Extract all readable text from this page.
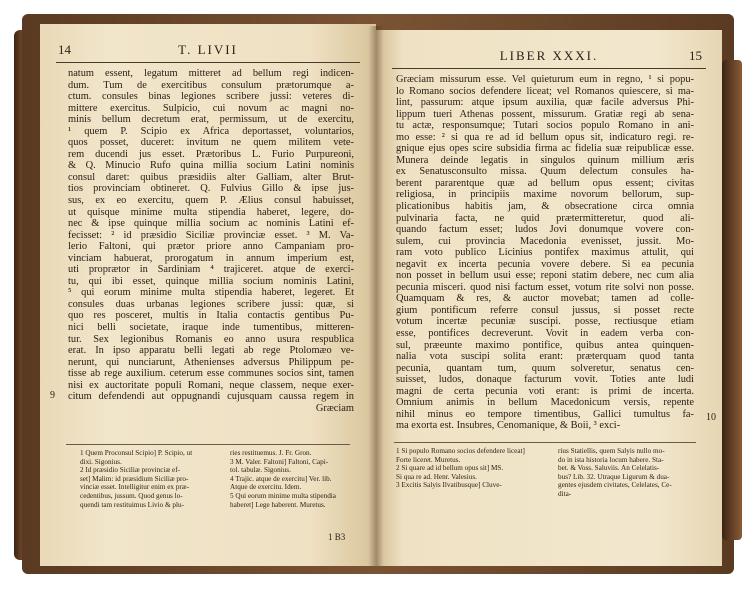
14	T. LIVII
natum essent, legatum mitteret ad bellum regi indicen-
dum. Tum de exercitibus consulum prætorumque a-
ctum. consules binas legiones scribere jussi: veteres di-
mittere exercitus. Sulpicio, cui novum ac magni no-
minis bellum decretum erat, permissum, ut de exercitu,
¹ quem P. Scipio ex Africa deportasset, voluntarios,
quos posset, duceret: invitum ne quem militem vete-
rem ducendi jus esset. Prætoribus L. Furio Purpureoni,
& Q. Minucio Rufo quina millia socium Latini nominis
consul daret: quibus præsidiis alter Galliam, alter Brut-
tios provinciam obtineret. Q. Fulvius Gillo & ipse jus-
sus, ex eo exercitu, quem P. Ælius consul habuisset,
ut quisque minime multa stipendia haberet, legere, do-
nec & ipse quinque millia socium ac nominis Latini ef-
fecisset: ² id præsidio Siciliæ provinciæ esset. ³ M. Va-
lerio Faltoni, qui prætor priore anno Campaniam pro-
vinciam habuerat, prorogatum in annum imperium est,
uti proprætor in Sardiniam ⁴ trajiceret. atque de exerci-
tu, qui ibi esset, quinque millia socium nominis Latini,
⁵ qui eorum minime multa stipendia haberet, legeret. Et
consules duas urbanas legiones scribere jussi: quæ, si
quo res posceret, multis in Italia contactis gentibus Pu-
nici belli societate, iraque inde tumentibus, mitteren-
tur. Sex legionibus Romanis eo anno usura respublica
erat. In ipso apparatu belli legati ab rege Ptolomæo ve-
nerunt, qui nunciarunt, Athenienses adversus Philippum pe-
tisse ab rege auxilium. ceterum esse communes socios sint, tamen
nisi ex auctoritate populi Romani, neque classem, neque exer-
citum defendendi aut oppugnandi cujusquam caussa regem in
Græciam
9
1 Quem Proconsul Scipio] P. Scipio, ut
dixi. Sigonius.
2 Id præsidio Siciliæ provinciæ ef-
set] Malim: id præsidium Siciliæ pro-
vinciæ esset. Intelligitur enim ex præ-
cedentibus, jussum. Quod genus lo-
quendi tam restituimus Livio & plu-
ries restituemus. J. Fr. Gron.
3 M. Valer. Faltoni] Faltoni, Capi-
tol. tabulæ. Sigonius.
4 Trajic. atque de exercitu] Ver. lib.
Atque de exercitu. Idem.
5 Qui eorum minime multa stipendia
haberet] Lege haberent. Muretus.
1 B3
LIBER XXXI.	15
Græciam missurum esse. Vel quieturum eum in regno, ¹ si popu-
lo Romano socios defendere liceat; vel Romanos quiescere, si ma-
lint, passurum: atque ipsum auxilia, quæ facile adversus Phi-
lippum tueri Athenas possent, missurum. Gratiæ regi ab sena-
tu actæ, responsumque; Tutari socios populo Romano in ani-
mo esse: ² si qua re ad id bellum opus sit, indicaturo regi. re-
gnique ejus opes scire subsidia firma ac fidelia suæ reipublicæ esse.
Munera deinde legatis in singulos quinum millium æris
ex Senatusconsulto missa. Quum delectum consules ha-
berent pararentque quæ ad bellum opus essent; civitas
religiosa, in principiis maxime novorum bellorum, sup-
plicationibus habitis jam, & obsecratione circa omnia
pulvinaria facta, ne quid prætermitteretur, quod ali-
quando factum esset; ludos Jovi donumque vovere con-
sulem, cui provincia Macedonia evenisset, jussit. Mo-
ram voto publico Licinius pontifex maximus attulit, qui
negavit ex incerta pecunia vovere debere. Si ea pecunia
non posset in bellum usui esse; reponi statim debere, nec cum alia
pecunia misceri. quod nisi factum esset, votum rite solvi non posse.
Quamquam & res, & auctor movebat; tamen ad colle-
gium pontificum referre consul jussus, si posset recte
votum incertæ pecuniæ suscipi. posse, rectiusque etiam
esse, pontifices decreverunt. Vovit in eadem verba con-
sul, præeunte maximo pontifice, quibus antea quinquen-
nalia vota suscipi solita erant: præterquam quod tanta
pecunia, quantam tum, quum solveretur, senatus cen-
suisset, ludos, donaque facturum vovit. Toties ante ludi
magni de certa pecunia voti erant: is primi de incerta.
Omnium animis in bellum Macedonicum versis, repente
nihil minus eo tempore timentibus, Gallici tumultus fa-
ma exorta est. Insubres, Cenomanique, & Boii, ³ exci-
10
1 Si populo Romano socios defendere liceat]
Forte liceret. Muretus.
2 Si quare ad id bellum opus sit] MS.
Si qua re ad. Henr. Valesius.
3 Excitis Salyis Ilvatibusque] Cluve-
rius Statiellis, quem Salyis nullo mo-
do in ista historia locum habere. Sta-
bet. & Voss. Saluviis. An Celelatis-
bus? Lib. 32. Utraque Ligurum & dua-
gentes ejusdem civitates, Celelates, Ce-
dita-
